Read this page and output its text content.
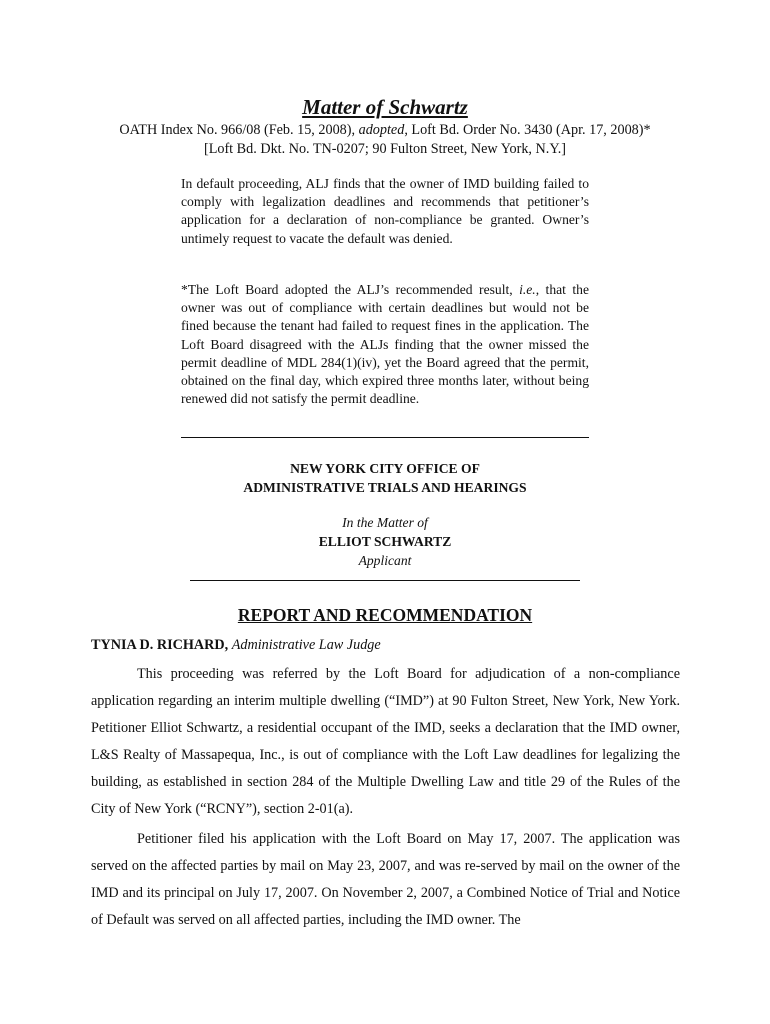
Matter of Schwartz
OATH Index No. 966/08 (Feb. 15, 2008), adopted, Loft Bd. Order No. 3430 (Apr. 17, 2008)*
[Loft Bd. Dkt. No. TN-0207; 90 Fulton Street, New York, N.Y.]

In default proceeding, ALJ finds that the owner of IMD building failed to comply with legalization deadlines and recommends that petitioner’s application for a declaration of non-compliance be granted. Owner’s untimely request to vacate the default was denied.

*The Loft Board adopted the ALJ’s recommended result, i.e., that the owner was out of compliance with certain deadlines but would not be fined because the tenant had failed to request fines in the application. The Loft Board disagreed with the ALJs finding that the owner missed the permit deadline of MDL 284(1)(iv), yet the Board agreed that the permit, obtained on the final day, which expired three months later, without being renewed did not satisfy the permit deadline.

NEW YORK CITY OFFICE OF
ADMINISTRATIVE TRIALS AND HEARINGS
In the Matter of
ELLIOT SCHWARTZ
Applicant
REPORT AND RECOMMENDATION
TYNIA D. RICHARD, Administrative Law Judge

This proceeding was referred by the Loft Board for adjudication of a non-compliance application regarding an interim multiple dwelling (“IMD”) at 90 Fulton Street, New York, New York. Petitioner Elliot Schwartz, a residential occupant of the IMD, seeks a declaration that the IMD owner, L&S Realty of Massapequa, Inc., is out of compliance with the Loft Law deadlines for legalizing the building, as established in section 284 of the Multiple Dwelling Law and title 29 of the Rules of the City of New York (“RCNY”), section 2-01(a).

Petitioner filed his application with the Loft Board on May 17, 2007. The application was served on the affected parties by mail on May 23, 2007, and was re-served by mail on the owner of the IMD and its principal on July 17, 2007. On November 2, 2007, a Combined Notice of Trial and Notice of Default was served on all affected parties, including the IMD owner. The
